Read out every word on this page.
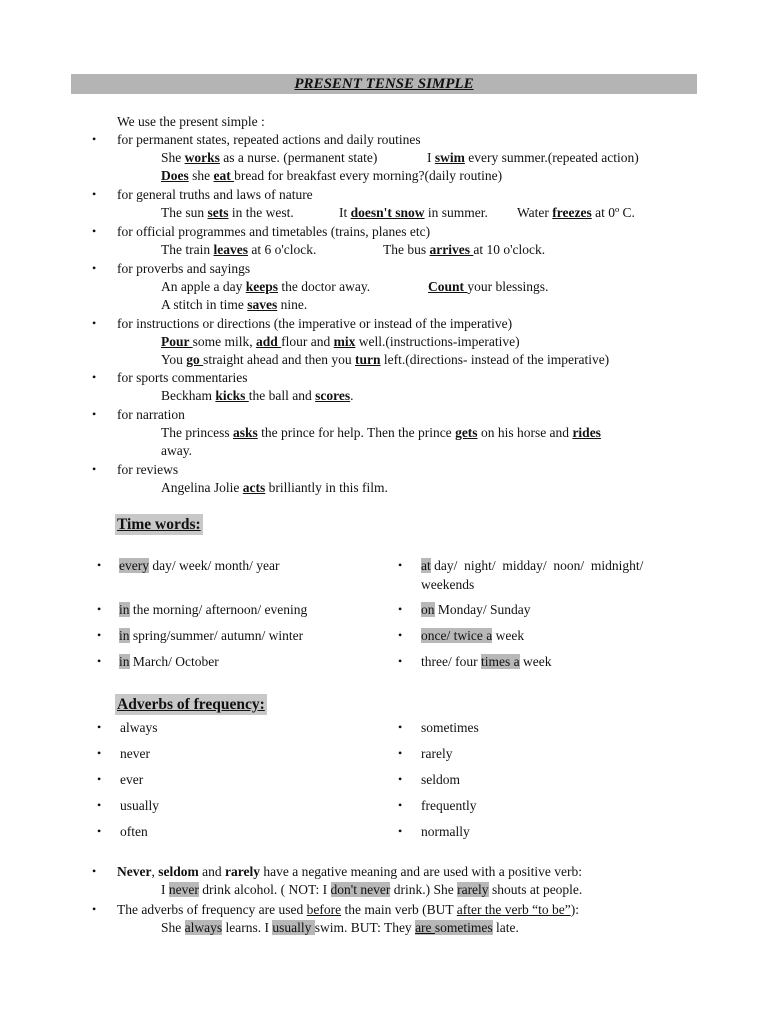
PRESENT TENSE SIMPLE
We use the present simple :
• for permanent states, repeated actions and daily routines
She works as a nurse. (permanent state)	I swim every summer.(repeated action)
Does she eat bread for breakfast every morning?(daily routine)
• for general truths and laws of nature
The sun sets in the west.	It doesn't snow in summer. Water freezes at 0º C.
• for official programmes and timetables (trains, planes etc)
The train leaves at 6 o'clock.	The bus arrives at 10 o'clock.
• for proverbs and sayings
An apple a day keeps the doctor away.	Count your blessings.
A stitch in time saves nine.
• for instructions or directions (the imperative or instead of the imperative)
Pour some milk, add flour and mix well.(instructions-imperative)
You go straight ahead and then you turn left.(directions- instead of the imperative)
• for sports commentaries
Beckham kicks the ball and scores.
• for narration
The princess asks the prince for help. Then the prince gets on his horse and rides
away.
• for reviews
Angelina Jolie acts brilliantly in this film.
Time words:
• every day/ week/ month/ year
• in the morning/ afternoon/ evening
• in spring/summer/ autumn/ winter
• in March/ October
• at day/  night/  midday/  noon/  midnight/
weekends
• on Monday/ Sunday
• once/ twice a week
• three/ four times a week
Adverbs of frequency:
• always
• never
• ever
• usually
• often
• sometimes
• rarely
• seldom
• frequently
• normally
• Never, seldom and rarely have a negative meaning and are used with a positive verb:
I never drink alcohol. ( NOT: I don't never drink.) She rarely shouts at people.
• The adverbs of frequency are used before the main verb (BUT after the verb “to be”):
She always learns. I usually swim. BUT: They are sometimes late.
